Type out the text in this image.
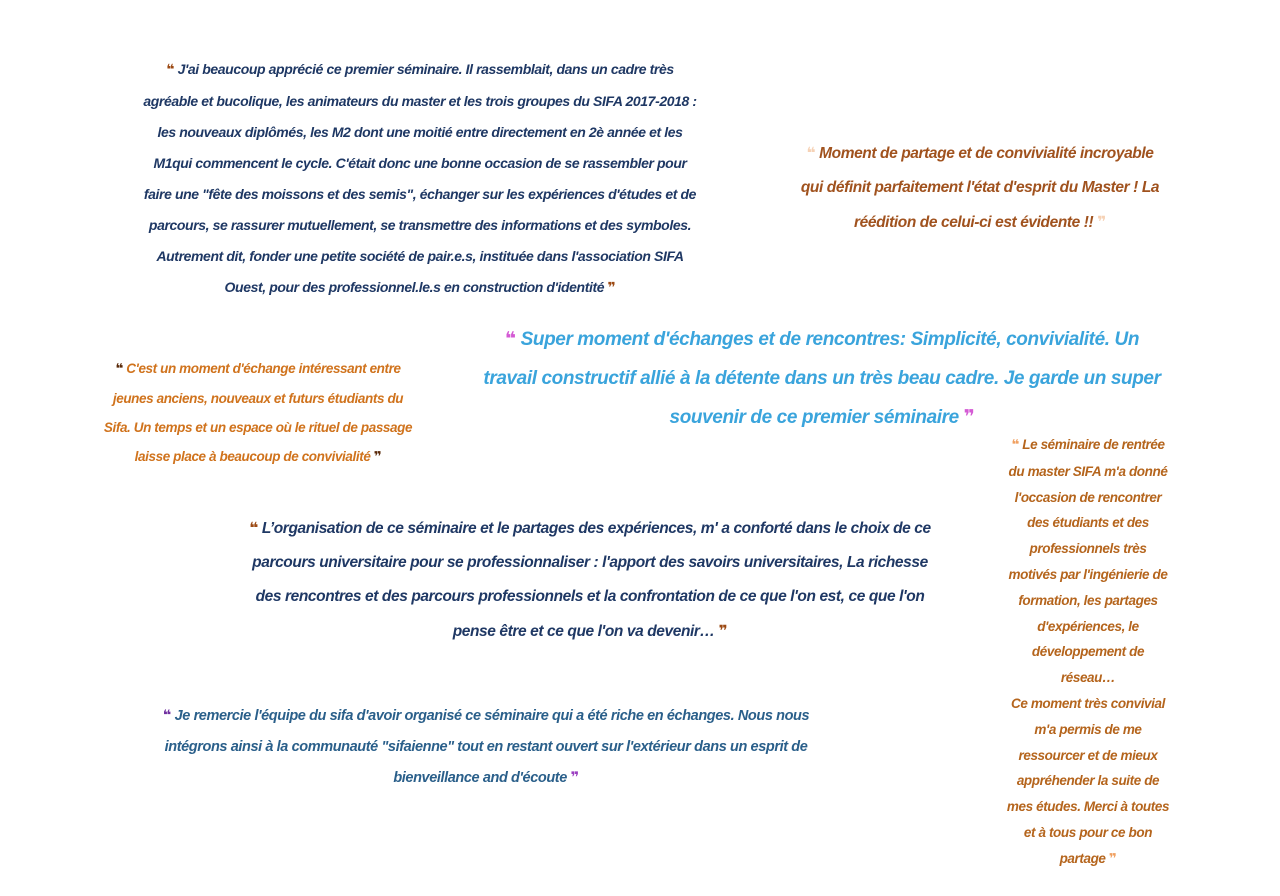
❝ J'ai beaucoup apprécié ce premier séminaire. Il rassemblait, dans un cadre très
agréable et bucolique, les animateurs du master et les trois groupes du SIFA 2017-2018 :
les nouveaux diplômés, les M2 dont une moitié entre directement en 2è année et les
M1qui commencent le cycle. C'était donc une bonne occasion de se rassembler pour
faire une "fête des moissons et des semis", échanger sur les expériences d'études et de
parcours, se rassurer mutuellement, se transmettre des informations et des symboles.
Autrement dit, fonder une petite société de pair.e.s, instituée dans l'association SIFA
Ouest, pour des professionnel.le.s en construction d'identité ❞
❝ Moment de partage et de convivialité incroyable
qui définit parfaitement l'état d'esprit du Master ! La
réédition de celui-ci est évidente !! ❞
❝ C'est un moment d'échange intéressant entre
jeunes anciens, nouveaux et futurs étudiants du
Sifa. Un temps et un espace où le rituel de passage
laisse place à beaucoup de convivialité ❞
❝ Super moment d'échanges et de rencontres: Simplicité, convivialité. Un
travail constructif allié à la détente dans un très beau cadre. Je garde un super
souvenir de ce premier séminaire ❞
❝ L’organisation de ce séminaire et le partages des expériences, m' a conforté dans le choix de ce
parcours universitaire pour se professionnaliser : l'apport des savoirs universitaires, La richesse
des rencontres et des parcours professionnels et la confrontation de ce que l'on est, ce que l'on
pense être et ce que l'on va devenir… ❞
❝ Le séminaire de rentrée
du master SIFA m'a donné
l'occasion de rencontrer
des étudiants et des
professionnels très
motivés par l'ingénierie de
formation, les partages
d'expériences, le
développement de
réseau…
Ce moment très convivial
m'a permis de me
ressourcer et de mieux
appréhender la suite de
mes études. Merci à toutes
et à tous pour ce bon
partage ❞
❝ Je remercie l'équipe du sifa d'avoir organisé ce séminaire qui a été riche en échanges. Nous nous
intégrons ainsi à la communauté "sifaienne" tout en restant ouvert sur l'extérieur dans un esprit de
bienveillance and d'écoute ❞
